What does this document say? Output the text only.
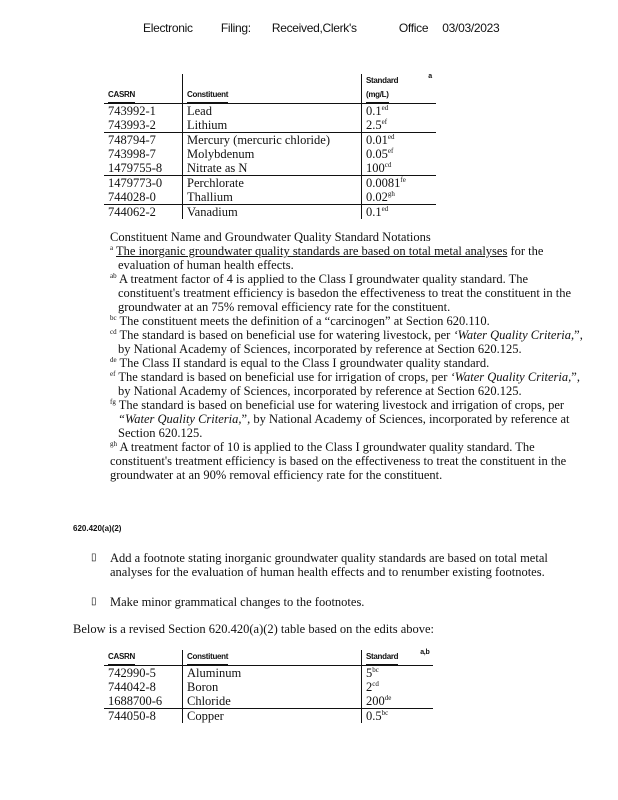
Electronic    Filing:   Received,Clerk's      Office  03/03/2023
CASRN	Constituent	Standard $^a$
(mg/L)
743992-1	Lead	0.1$^{ed}$
743993-2	Lithium	2.5$^{ef}$
748794-7	Mercury (mercuric chloride)	0.01$^{ed}$
743998-7	Molybdenum	0.05$^{ef}$
1479755-8	Nitrate as N	$100^{cd}$
1479773-0	Perchlorate	0.0081$^{fe}$
744028-0	Thallium	0.02$^{gh}$
744062-2	Vanadium	0.1$^{ed}$
Constituent Name and Groundwater Quality Standard Notations

$^a$ The inorganic groundwater quality standards are based on total metal analyses for the evaluation of human health effects.

$^{ab}$ A treatment factor of 4 is applied to the Class I groundwater quality standard. The constituent's treatment efficiency is basedon the effectiveness to treat the constituent in the groundwater at an 75% removal efficiency rate for the constituent.

$^{bc}$ The constituent meets the definition of a “carcinogen” at Section 620.110.

$^{cd}$ The standard is based on beneficial use for watering livestock, per ‘Water Quality Criteria,”, by National Academy of Sciences, incorporated by reference at Section 620.125.

$^{de}$ The Class II standard is equal to the Class I groundwater quality standard.

$^{ef}$ The standard is based on beneficial use for irrigation of crops, per ‘Water Quality Criteria,”, by National Academy of Sciences, incorporated by reference at Section 620.125.

$^{fg}$ The standard is based on beneficial use for watering livestock and irrigation of crops, per “Water Quality Criteria,”, by National Academy of Sciences, incorporated by reference at Section 620.125.

$^{gh}$ A treatment factor of 10 is applied to the Class I groundwater quality standard. The constituent's treatment efficiency is based on the effectiveness to treat the constituent in the groundwater at an 90% removal efficiency rate for the constituent.

620.420(a)(2)
▯ Add a footnote stating inorganic groundwater quality standards are based on total metal analyses for the evaluation of human health effects and to renumber existing footnotes.
▯ Make minor grammatical changes to the footnotes.
Below is a revised Section 620.420(a)(2) table based on the edits above:
CASRN	Constituent	Standard $^{a,b}$
742990-5	Aluminum	$5^{bc}$
744042-8	Boron	$2^{cd}$
1688700-6	Chloride	200de
744050-8	Copper	0.5$^{bc}$
